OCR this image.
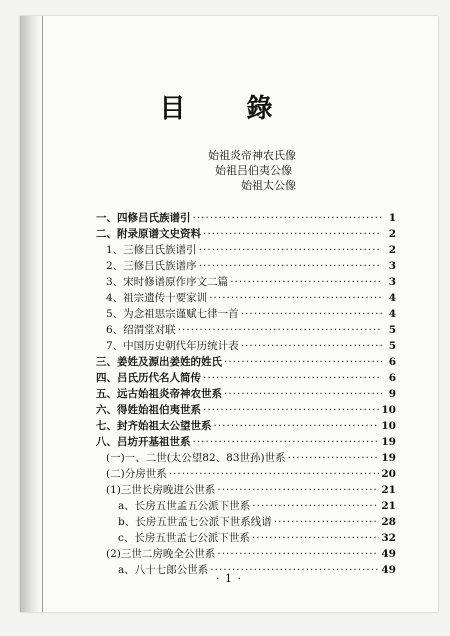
目 錄
始祖炎帝神农氏像
始祖吕伯夷公像
始祖太公像
一、四修吕氏族谱引 ·····	1
二、附录原谱文史资料 ·····	2
1、三修吕氏族谱引 ·····	2
2、三修吕氏族谱序 ·····	3
3、宋时修谱原作序文二篇 ·····	3
4、祖宗遗传十要家训 ·····	4
5、为念祖思宗谨赋七律一首 ·····	4
6、绍渭堂对联 ·····	5
7、中国历史朝代年历统计表 ·····	5
三、姜姓及源出姜姓的姓氏 ·····	6
四、吕氏历代名人简传 ·····	6
五、远古始祖炎帝神农世系 ·····	9
六、得姓始祖伯夷世系 ·····	10
七、封齐始祖太公望世系 ·····	10
八、吕坊开基祖世系 ·····	19
(一)一、二世(太公望82、83世孙)世系 ·····	19
(二)分房世系 ·····	20
(1)三世长房晚进公世系 ·····	21
a、长房五世孟五公派下世系 ·····	21
b、长房五世孟七公派下世系线谱 ·····	28
c、长房五世孟七公派下世系 ·····	32
(2)三世二房晚全公世系 ·····	49
a、八十七郎公世系 ·····	49
· 1 ·
